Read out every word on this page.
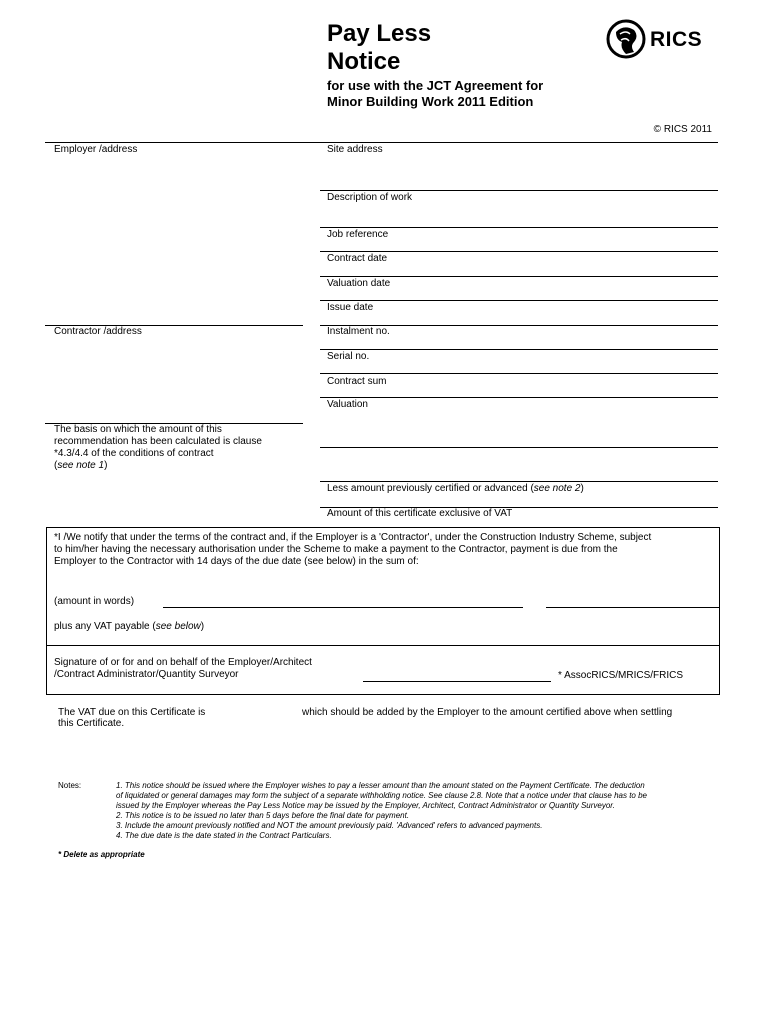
Pay Less
Notice
for use with the JCT Agreement for
Minor Building Work 2011 Edition
RICS
© RICS 2011
Employer /address
Contractor /address
The basis on which the amount of this
recommendation has been calculated is clause
*4.3/4.4 of the conditions of contract
(see note 1)
Site address
Description of work
Job reference
Contract date
Valuation date
Issue date
Instalment no.
Serial no.
Contract sum
Valuation
Less amount previously certified or advanced (see note 2)
Amount of this certificate exclusive of VAT
*I /We notify that under the terms of the contract and, if the Employer is a 'Contractor', under the Construction Industry Scheme, subject
to him/her having the necessary authorisation under the Scheme to make a payment to the Contractor, payment is due from the
Employer to the Contractor with 14 days of the due date (see below) in the sum of:
(amount in words)
plus any VAT payable (see below)
Signature of or for and on behalf of the Employer/Architect
/Contract Administrator/Quantity Surveyor	* AssocRICS/MRICS/FRICS
The VAT due on this Certificate is	which should be added by the Employer to the amount certified above when settling
this Certificate.
Notes:	1. This notice should be issued where the Employer wishes to pay a lesser amount than the amount stated on the Payment Certificate. The deduction
of liquidated or general damages may form the subject of a separate withholding notice. See clause 2.8. Note that a notice under that clause has to be
issued by the Employer whereas the Pay Less Notice may be issued by the Employer, Architect, Contract Administrator or Quantity Surveyor.
2. This notice is to be issued no later than 5 days before the final date for payment.
3. Include the amount previously notified and NOT the amount previously paid. 'Advanced' refers to advanced payments.
4. The due date is the date stated in the Contract Particulars.
* Delete as appropriate
